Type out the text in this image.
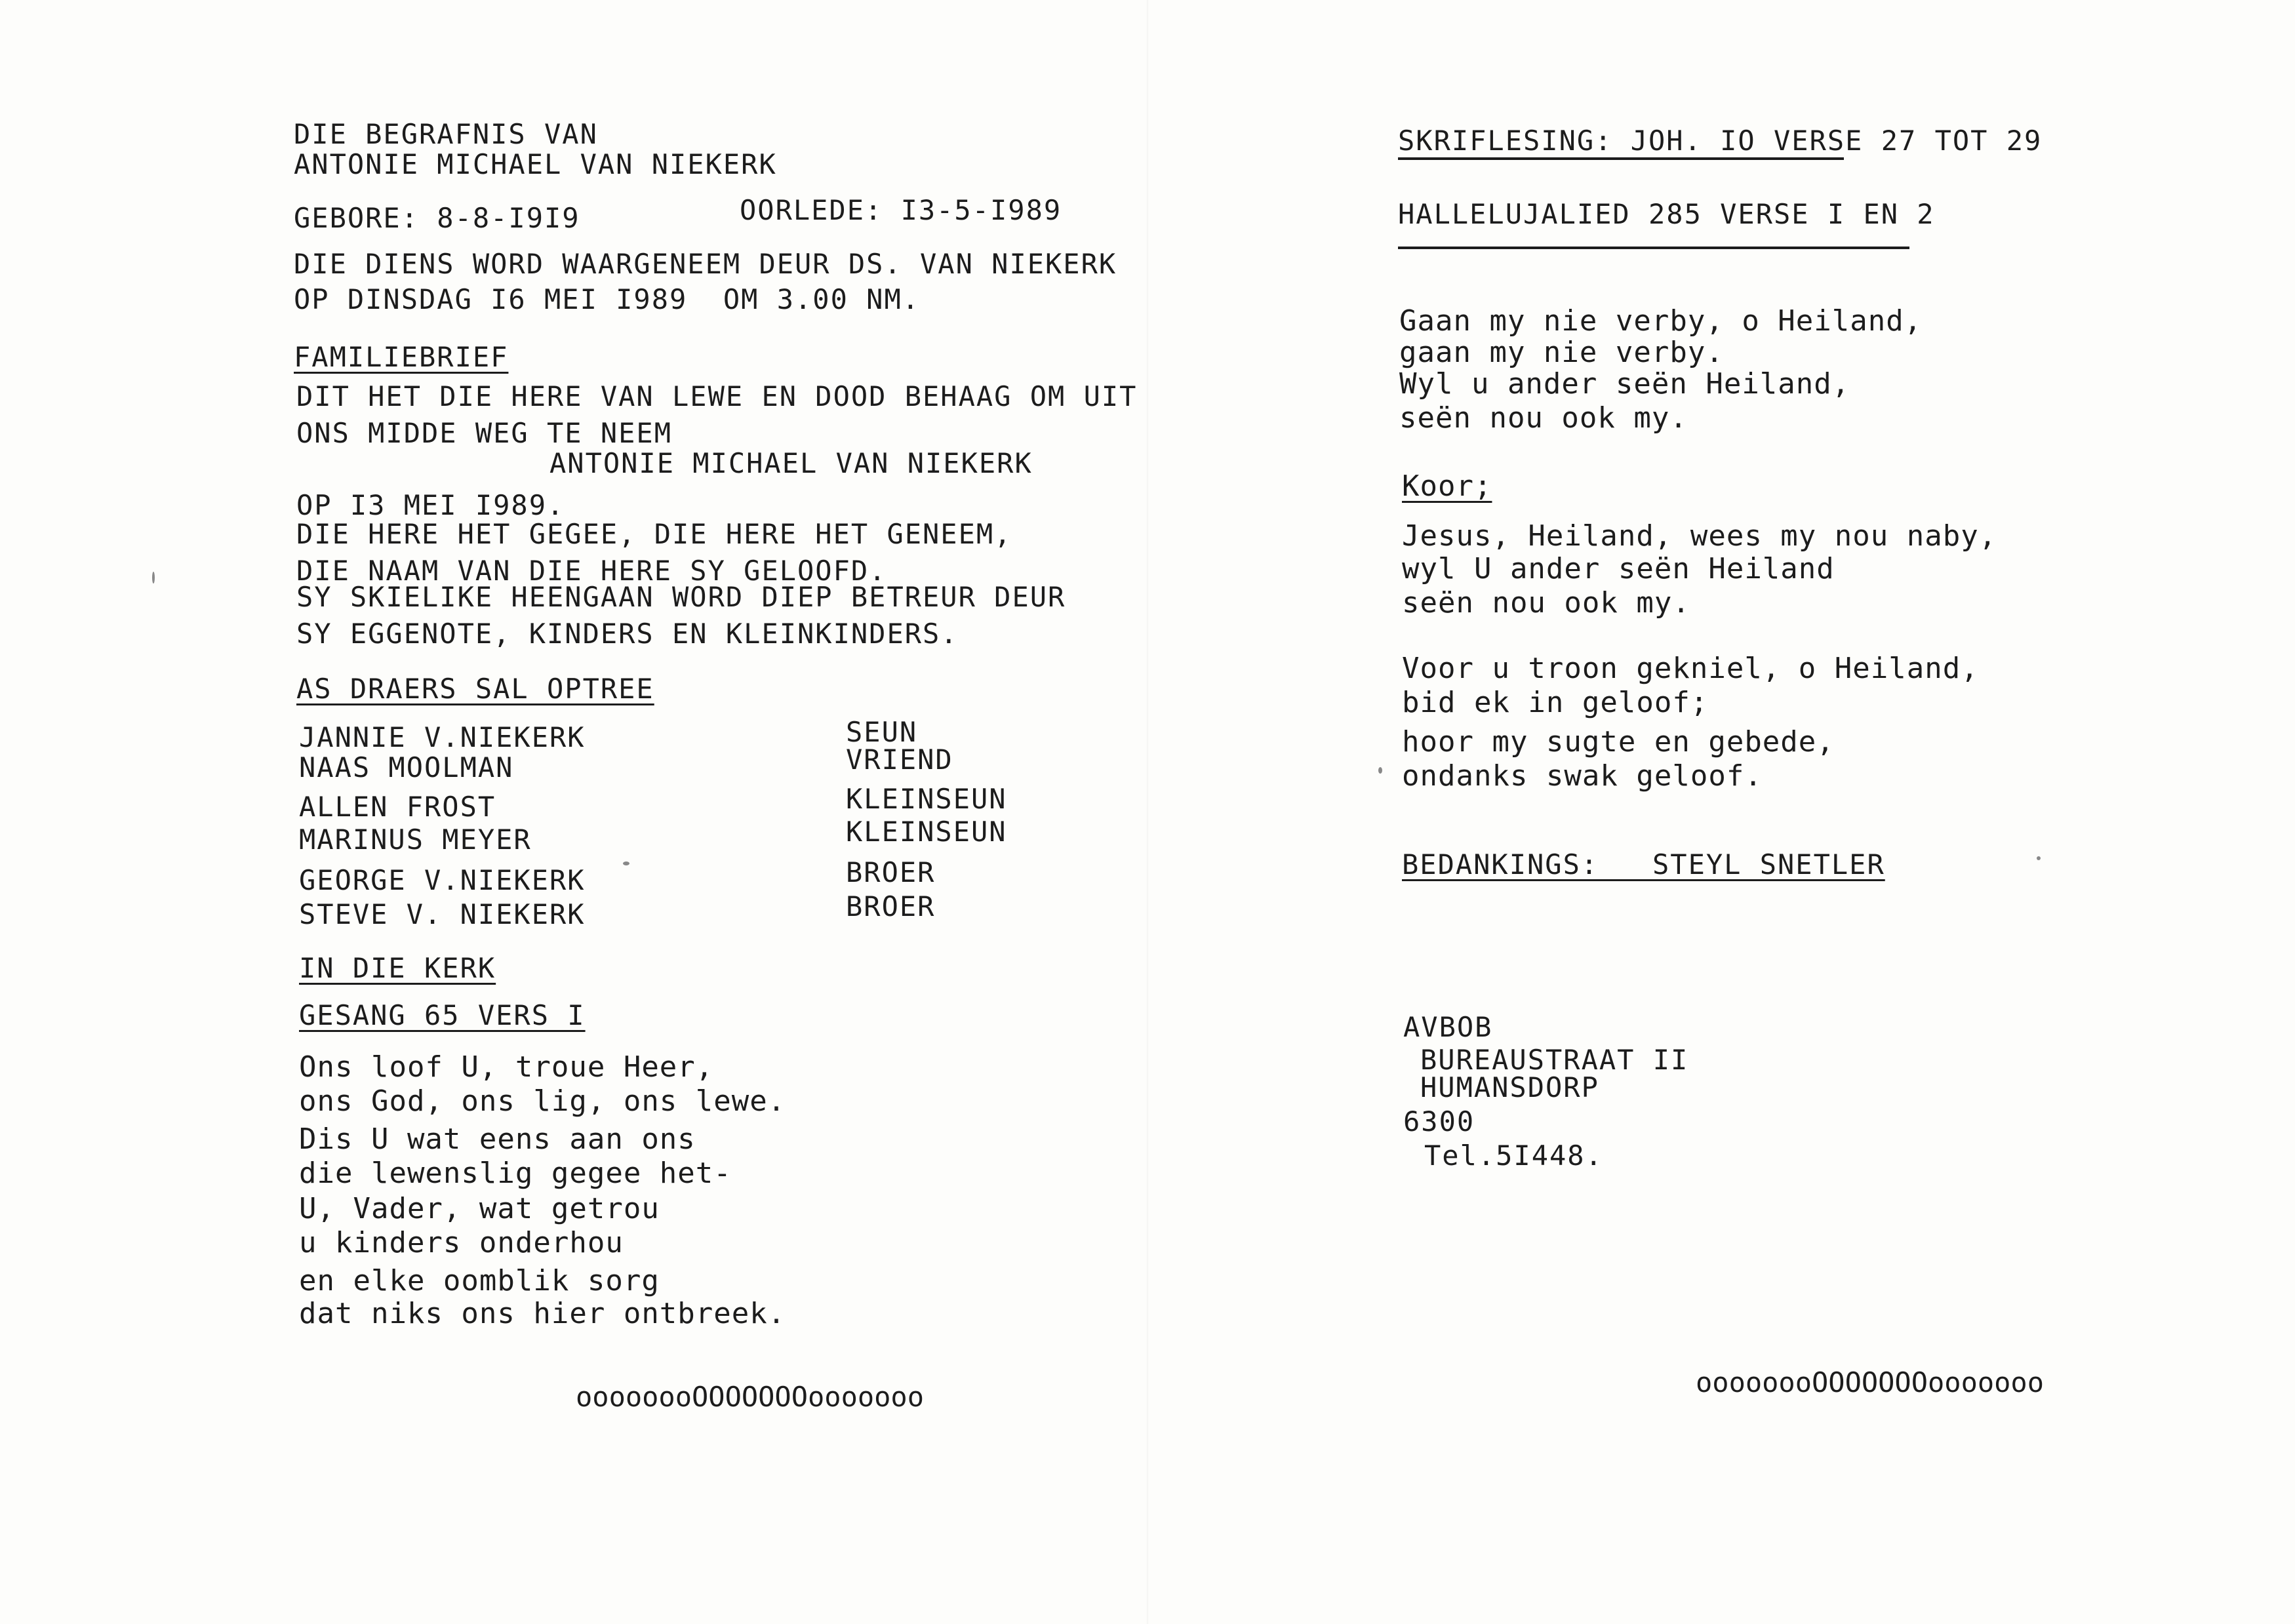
DIE BEGRAFNIS VAN
ANTONIE MICHAEL VAN NIEKERK
GEBORE: 8-8-I9I9	OORLEDE: I3-5-I989
DIE DIENS WORD WAARGENEEM DEUR DS. VAN NIEKERK
OP DINSDAG I6 MEI I989  OM 3.00 NM.
FAMILIEBRIEF
DIT HET DIE HERE VAN LEWE EN DOOD BEHAAG OM UIT
ONS MIDDE WEG TE NEEM
ANTONIE MICHAEL VAN NIEKERK
OP I3 MEI I989.
DIE HERE HET GEGEE, DIE HERE HET GENEEM,
DIE NAAM VAN DIE HERE SY GELOOFD.
SY SKIELIKE HEENGAAN WORD DIEP BETREUR DEUR
SY EGGENOTE, KINDERS EN KLEINKINDERS.
AS DRAERS SAL OPTREE
JANNIE V.NIEKERK	SEUN
NAAS MOOLMAN	VRIEND
ALLEN FROST	KLEINSEUN
MARINUS MEYER	KLEINSEUN
GEORGE V.NIEKERK	BROER
STEVE V. NIEKERK	BROER
IN DIE KERK
GESANG 65 VERS I
Ons loof U, troue Heer,
ons God, ons lig, ons lewe.
Dis U wat eens aan ons
die lewenslig gegee het-
U, Vader, wat getrou
u kinders onderhou
en elke oomblik sorg
dat niks ons hier ontbreek.
oooooooOOOOOOOooooooo
SKRIFLESING: JOH. IO VERSE 27 TOT 29
HALLELUJALIED 285 VERSE I EN 2
Gaan my nie verby, o Heiland,
gaan my nie verby.
Wyl u ander seën Heiland,
seën nou ook my.
Koor;
Jesus, Heiland, wees my nou naby,
wyl U ander seën Heiland
seën nou ook my.
Voor u troon gekniel, o Heiland,
bid ek in geloof;
hoor my sugte en gebede,
ondanks swak geloof.
BEDANKINGS:   STEYL SNETLER
AVBOB
BUREAUSTRAAT II
HUMANSDORP
6300
Tel.5I448.
oooooooOOOOOOOooooooo
